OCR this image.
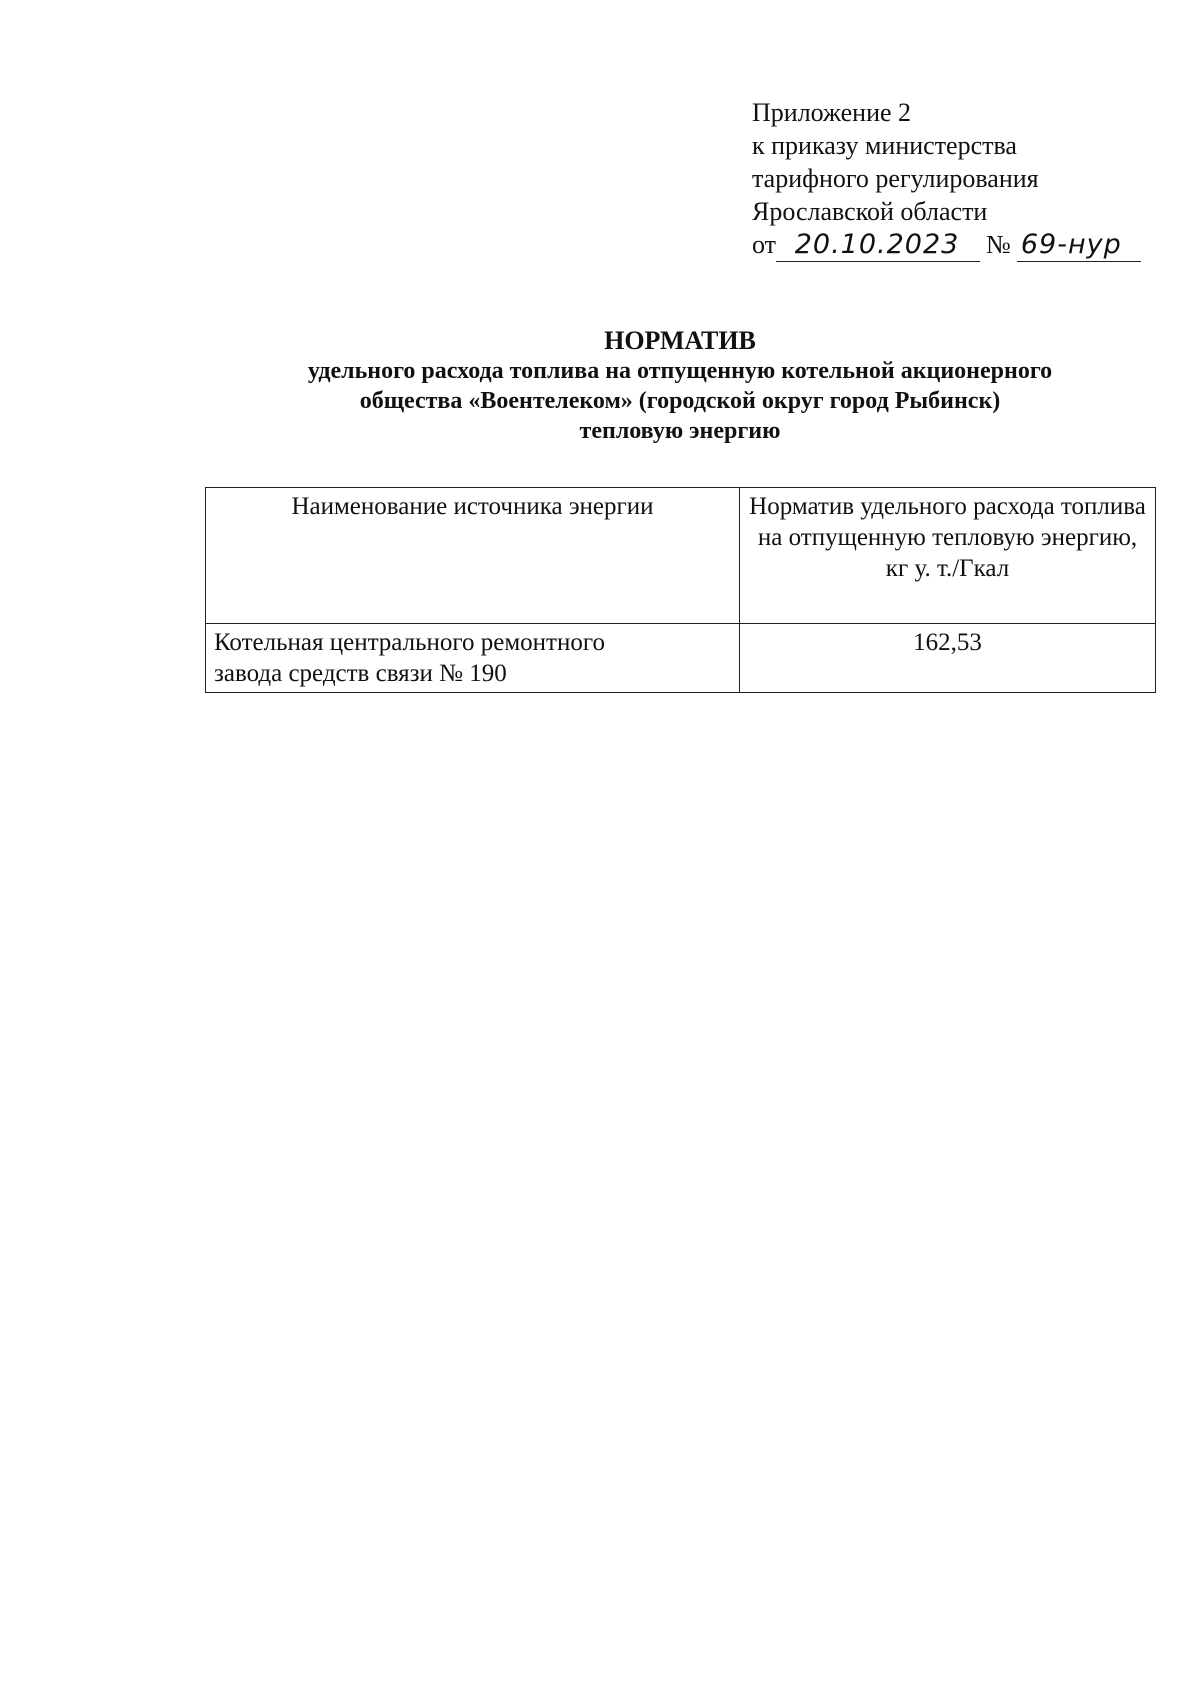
Приложение 2
к приказу министерства
тарифного регулирования
Ярославской области
от 20.10.2023	№ 69-нур
НОРМАТИВ
удельного расхода топлива на отпущенную котельной акционерного
общества «Воентелеком» (городской округ город Рыбинск)
тепловую энергию
Наименование источника энергии	Норматив удельного расхода топлива на отпущенную тепловую энергию,
кг у. т./Гкал

Котельная центрального ремонтного
завода средств связи № 190	162,53
